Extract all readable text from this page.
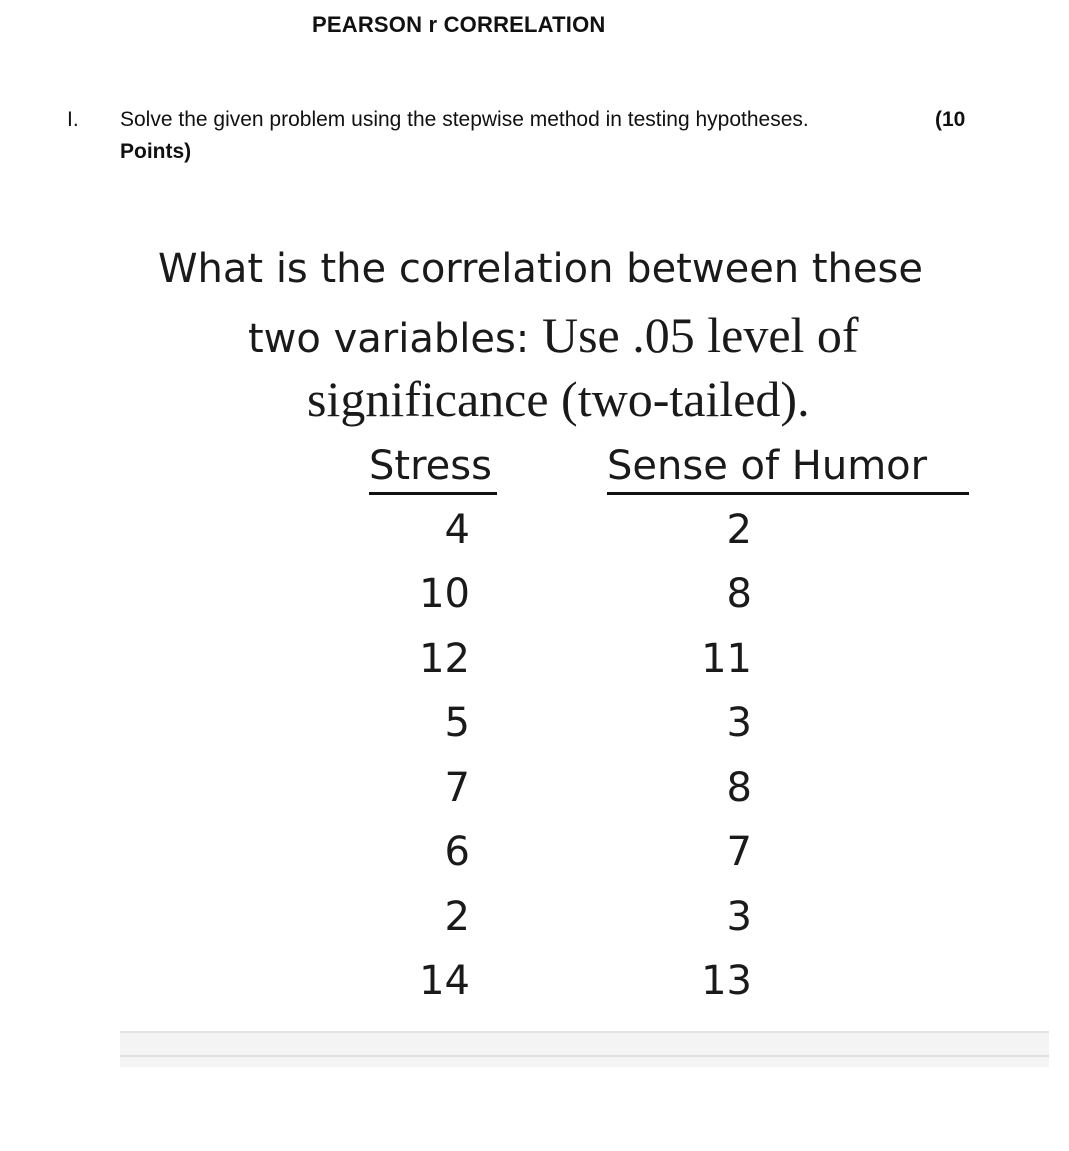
PEARSON r CORRELATION
I. Solve the given problem using the stepwise method in testing hypotheses.	(10
Points)
What is the correlation between these
two variables: Use .05 level of
significance (two-tailed).
Stress	Sense of Humor
4	2
10	8
12	11
5	3
7	8
6	7
2	3
14	13
